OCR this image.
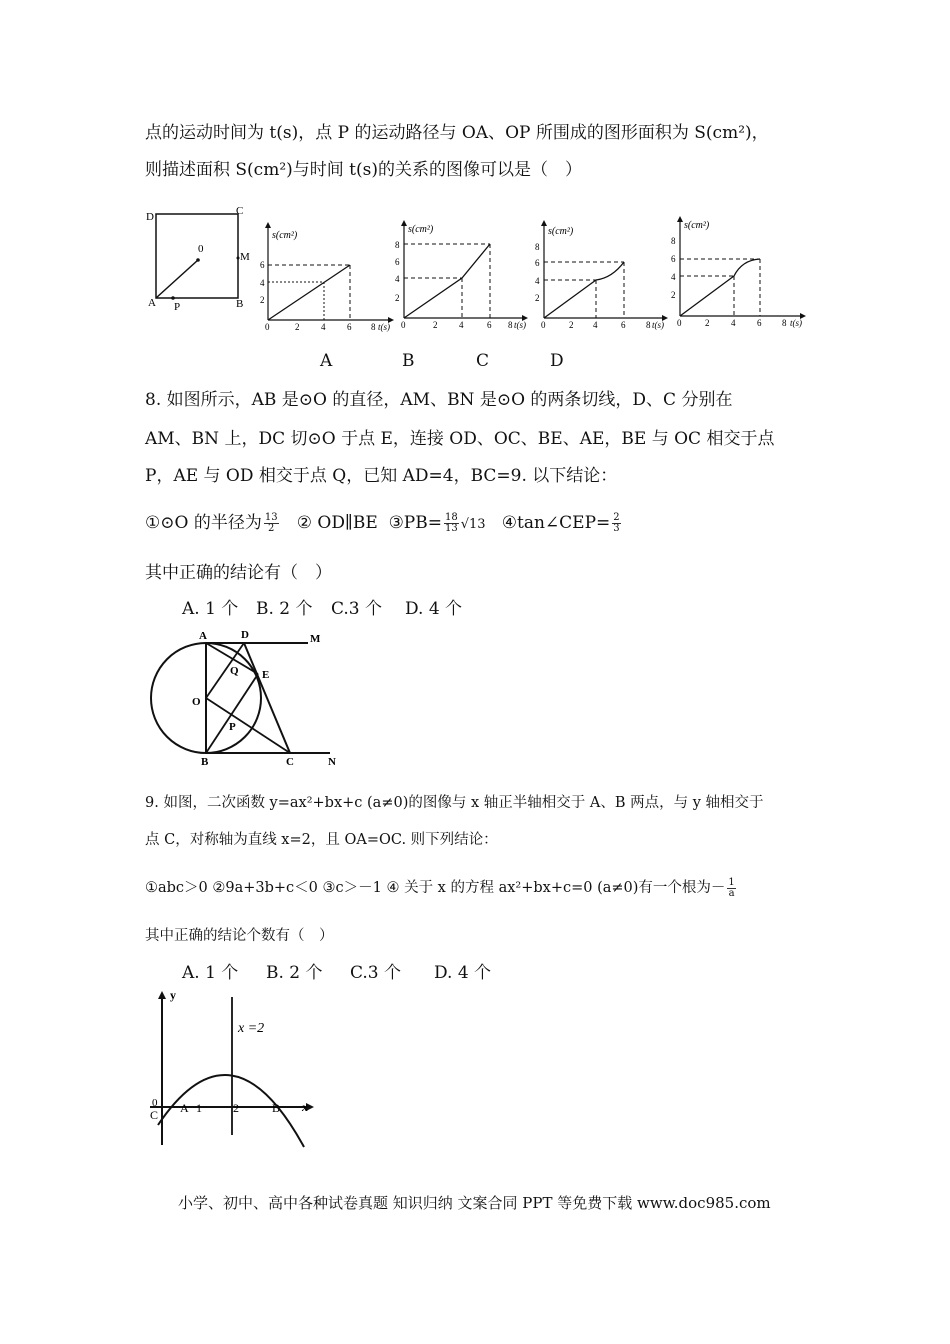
点的运动时间为 t(s)，点 P 的运动路径与 OA、OP 所围成的图形面积为 S(cm²)，
则描述面积 S(cm²)与时间 t(s)的关系的图像可以是（　）
D	C
A	B
P
M
0
s(cm²)
6
4
2
0	2 4 6 8 t(s)
s(cm²)
8
6
4
2
0	2 4	6 8 t(s)
s(cm²)
8
6
4
2
0	2 4	6 8 t(s)
s(cm²)
8
6
4
2
0	2 4 6 8 t(s)
A	B	C	D
8. 如图所示，AB 是⊙O 的直径，AM、BN 是⊙O 的两条切线，D、C 分别在
AM、BN 上，DC 切⊙O 于点 E，连接 OD、OC、BE、AE，BE 与 OC 相交于点
P，AE 与 OD 相交于点 Q，已知 AD=4，BC=9. 以下结论：
①⊙O 的半径为 $\frac{13}{2}$ ② OD∥BE ③PB= $\frac{18}{13} √13$ ④tan∠CEP= $\frac{2}{3}$
其中正确的结论有（　）
A. 1 个 B. 2 个 C.3 个 D. 4 个
A	D	M
Q E
O
P
B	C	N
9. 如图，二次函数 y=ax²+bx+c (a≠0)的图像与 x 轴正半轴相交于 A、B 两点，与 y 轴相交于
点 C，对称轴为直线 x=2，且 OA=OC. 则下列结论：
①abc＞0 ②9a+3b+c＜0 ③c＞－1 ④ 关于 x 的方程 ax²+bx+c=0 (a≠0)有一个根为－ $\frac{1}{a}$
其中正确的结论个数有（　）
A. 1 个 B. 2 个 C.3 个 D. 4 个
y
x
x =2
0
C A 1	2	B
小学、初中、高中各种试卷真题 知识归纳 文案合同 PPT 等免费下载 www.doc985.com
